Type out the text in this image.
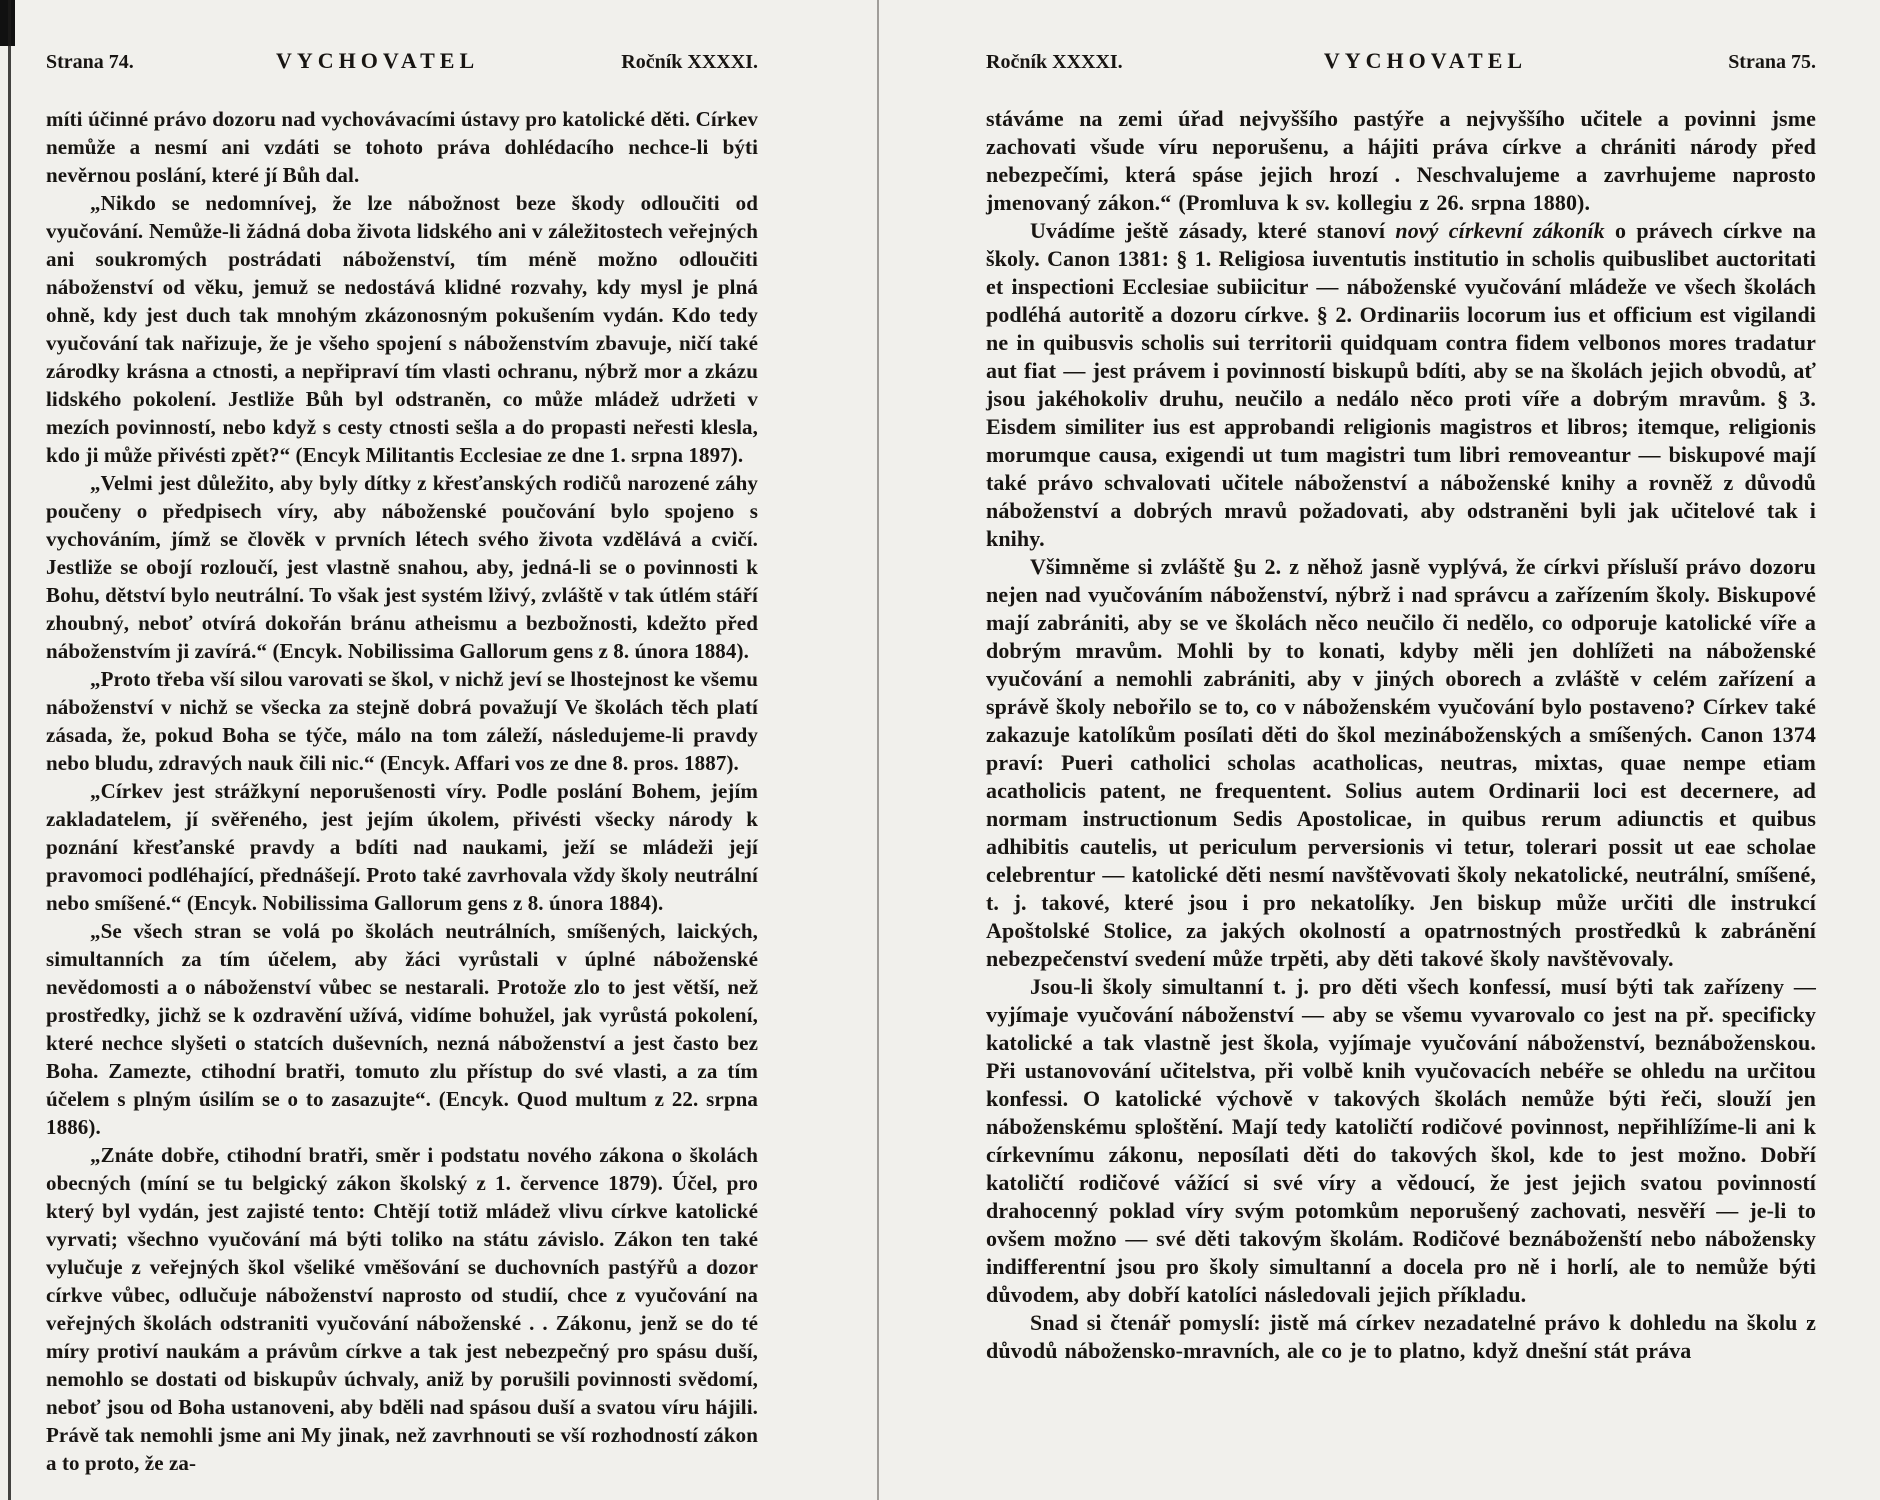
Strana 74.	VYCHOVATEL	Ročník XXXXI.

míti účinné právo dozoru nad vychovávacími ústavy pro katolické děti. Církev nemůže a nesmí ani vzdáti se tohoto práva dohlédacího nechce-li býti nevěrnou poslání, které jí Bůh dal.

„Nikdo se nedomnívej, že lze nábožnost beze škody odloučiti od vyučování. Nemůže-li žádná doba života lidského ani v záležitostech veřejných ani soukromých postrádati náboženství, tím méně možno odloučiti náboženství od věku, jemuž se nedostává klidné rozvahy, kdy mysl je plná ohně, kdy jest duch tak mnohým zkázonosným pokušením vydán. Kdo tedy vyučování tak nařizuje, že je všeho spojení s náboženstvím zbavuje, ničí také zárodky krásna a ctnosti, a nepřipraví tím vlasti ochranu, nýbrž mor a zkázu lidského pokolení. Jestliže Bůh byl odstraněn, co může mládež udržeti v mezích povinností, nebo když s cesty ctnosti sešla a do propasti neřesti klesla, kdo ji může přivésti zpět?“ (Encyk Militantis Ecclesiae ze dne 1. srpna 1897).

„Velmi jest důležito, aby byly dítky z křesťanských rodičů narozené záhy poučeny o předpisech víry, aby náboženské poučování bylo spojeno s vychováním, jímž se člověk v prvních létech svého života vzdělává a cvičí. Jestliže se obojí rozloučí, jest vlastně snahou, aby, jedná-li se o povinnosti k Bohu, dětství bylo neutrální. To však jest systém lživý, zvláště v tak útlém stáří zhoubný, neboť otvírá dokořán bránu atheismu a bezbožnosti, kdežto před náboženstvím ji zavírá.“ (Encyk. Nobilissima Gallorum gens z 8. února 1884).

„Proto třeba vší silou varovati se škol, v nichž jeví se lhostejnost ke všemu náboženství v nichž se všecka za stejně dobrá považují Ve školách těch platí zásada, že, pokud Boha se týče, málo na tom záleží, následujeme-li pravdy nebo bludu, zdravých nauk čili nic.“ (Encyk. Affari vos ze dne 8. pros. 1887).

„Církev jest strážkyní neporušenosti víry. Podle poslání Bohem, jejím zakladatelem, jí svěřeného, jest jejím úkolem, přivésti všecky národy k poznání křesťanské pravdy a bdíti nad naukami, ježí se mládeži její pravomoci podléhající, přednášejí. Proto také zavrhovala vždy školy neutrální nebo smíšené.“ (Encyk. Nobilissima Gallorum gens z 8. února 1884).

„Se všech stran se volá po školách neutrálních, smíšených, laických, simultanních za tím účelem, aby žáci vyrůstali v úplné náboženské nevědomosti a o náboženství vůbec se nestarali. Protože zlo to jest větší, než prostředky, jichž se k ozdravění užívá, vidíme bohužel, jak vyrůstá pokolení, které nechce slyšeti o statcích duševních, nezná náboženství a jest často bez Boha. Zamezte, ctihodní bratři, tomuto zlu přístup do své vlasti, a za tím účelem s plným úsilím se o to zasazujte“. (Encyk. Quod multum z 22. srpna 1886).

„Znáte dobře, ctihodní bratři, směr i podstatu nového zákona o školách obecných (míní se tu belgický zákon školský z 1. července 1879). Účel, pro který byl vydán, jest zajisté tento: Chtějí totiž mládež vlivu církve katolické vyrvati; všechno vyučování má býti toliko na státu závislo. Zákon ten také vylučuje z veřejných škol všeliké vměšování se duchovních pastýřů a dozor církve vůbec, odlučuje náboženství naprosto od studií, chce z vyučování na veřejných školách odstraniti vyučování náboženské . . Zákonu, jenž se do té míry protiví naukám a právům církve a tak jest nebezpečný pro spásu duší, nemohlo se dostati od biskupův úchvaly, aniž by porušili povinnosti svědomí, neboť jsou od Boha ustanoveni, aby bděli nad spásou duší a svatou víru hájili. Právě tak nemohli jsme ani My jinak, než zavrhnouti se vší rozhodností zákon a to proto, že za-

Ročník XXXXI.	VYCHOVATEL	Strana 75.

stáváme na zemi úřad nejvyššího pastýře a nejvyššího učitele a povinni jsme zachovati všude víru neporušenu, a hájiti práva církve a chrániti národy před nebezpečími, která spáse jejich hrozí . Neschvalujeme a zavrhujeme naprosto jmenovaný zákon.“ (Promluva k sv. kollegiu z 26. srpna 1880).

Uvádíme ještě zásady, které stanoví nový církevní zákoník o právech církve na školy. Canon 1381: § 1. Religiosa iuventutis institutio in scholis quibuslibet auctoritati et inspectioni Ecclesiae subiicitur — náboženské vyučování mládeže ve všech školách podléhá autoritě a dozoru církve. § 2. Ordinariis locorum ius et officium est vigilandi ne in quibusvis scholis sui territorii quidquam contra fidem velbonos mores tradatur aut fiat — jest právem i povinností biskupů bdíti, aby se na školách jejich obvodů, ať jsou jakéhokoliv druhu, neučilo a nedálo něco proti víře a dobrým mravům. § 3. Eisdem similiter ius est approbandi religionis magistros et libros; itemque, religionis morumque causa, exigendi ut tum magistri tum libri removeantur — biskupové mají také právo schvalovati učitele náboženství a náboženské knihy a rovněž z důvodů náboženství a dobrých mravů požadovati, aby odstraněni byli jak učitelové tak i knihy.

Všimněme si zvláště §u 2. z něhož jasně vyplývá, že církvi přísluší právo dozoru nejen nad vyučováním náboženství, nýbrž i nad správcu a zařízením školy. Biskupové mají zabrániti, aby se ve školách něco neučilo či nedělo, co odporuje katolické víře a dobrým mravům. Mohli by to konati, kdyby měli jen dohlížeti na náboženské vyučování a nemohli zabrániti, aby v jiných oborech a zvláště v celém zařízení a správě školy nebořilo se to, co v náboženském vyučování bylo postaveno? Církev také zakazuje katolíkům posílati děti do škol mezináboženských a smíšených. Canon 1374 praví: Pueri catholici scholas acatholicas, neutras, mixtas, quae nempe etiam acatholicis patent, ne frequentent. Solius autem Ordinarii loci est decernere, ad normam instructionum Sedis Apostolicae, in quibus rerum adiunctis et quibus adhibitis cautelis, ut periculum perversionis vi tetur, tolerari possit ut eae scholae celebrentur — katolické děti nesmí navštěvovati školy nekatolické, neutrální, smíšené, t. j. takové, které jsou i pro nekatolíky. Jen biskup může určiti dle instrukcí Apoštolské Stolice, za jakých okolností a opatrnostných prostředků k zabránění nebezpečenství svedení může trpěti, aby děti takové školy navštěvovaly.

Jsou-li školy simultanní t. j. pro děti všech konfessí, musí býti tak zařízeny — vyjímaje vyučování náboženství — aby se všemu vyvarovalo co jest na př. specificky katolické a tak vlastně jest škola, vyjímaje vyučování náboženství, beznáboženskou. Při ustanovování učitelstva, při volbě knih vyučovacích nebéře se ohledu na určitou konfessi. O katolické výchově v takových školách nemůže býti řeči, slouží jen náboženskému sploštění. Mají tedy katoličtí rodičové povinnost, nepřihlížíme-li ani k církevnímu zákonu, neposílati děti do takových škol, kde to jest možno. Dobří katoličtí rodičové vážící si své víry a vědoucí, že jest jejich svatou povinností drahocenný poklad víry svým potomkům neporušený zachovati, nesvěří — je-li to ovšem možno — své děti takovým školám. Rodičové beznáboženští nebo nábožensky indifferentní jsou pro školy simultanní a docela pro ně i horlí, ale to nemůže býti důvodem, aby dobří katolíci následovali jejich příkladu.

Snad si čtenář pomyslí: jistě má církev nezadatelné právo k dohledu na školu z důvodů nábožensko-mravních, ale co je to platno, když dnešní stát práva
